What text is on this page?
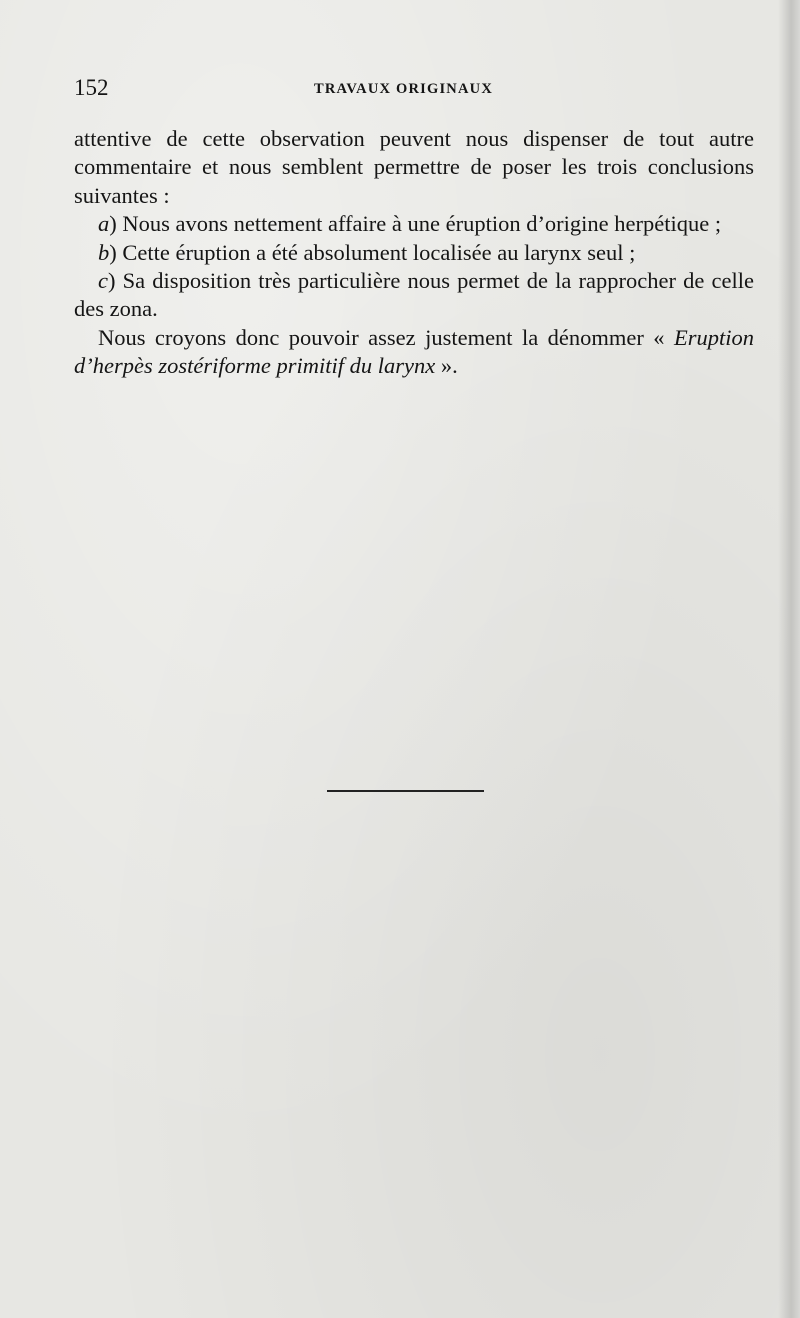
152	TRAVAUX ORIGINAUX

attentive de cette observation peuvent nous dispenser de tout autre commentaire et nous semblent permettre de poser les trois conclusions suivantes :

a) Nous avons nettement affaire à une éruption d’origine herpétique ;

b) Cette éruption a été absolument localisée au larynx seul ;

c) Sa disposition très particulière nous permet de la rapprocher de celle des zona.

Nous croyons donc pouvoir assez justement la dénommer « Eruption d’herpès zostériforme primitif du larynx ».
